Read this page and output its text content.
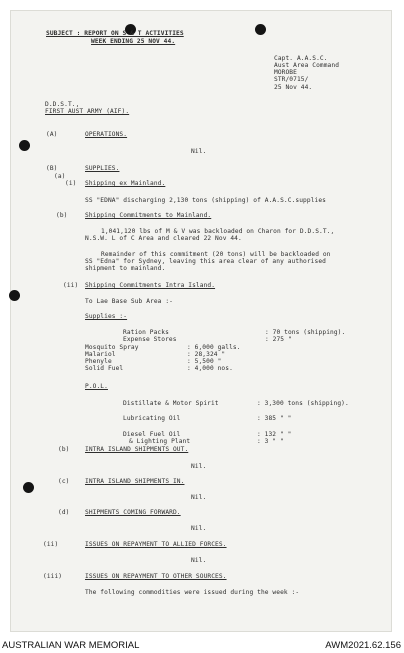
SUBJECT : REPORT ON S & T ACTIVITIES
WEEK ENDING 25 NOV 44.
Capt. A.A.S.C.
Aust Area Command
MOROBE
STR/0715/
25 Nov 44.
D.D.S.T.,
FIRST AUST ARMY (AIF).
(A)	OPERATIONS.
Nil.
(B)	SUPPLIES.
(a)
(i) Shipping ex Mainland.
SS "EDNA" discharging 2,130 tons (shipping) of A.A.S.C.supplies
(b)	Shipping Commitments to Mainland.
1,041,120 lbs of M & V was backloaded on Charon for D.D.S.T.,
N.S.W. L of C Area and cleared 22 Nov 44.
Remainder of this commitment (20 tons) will be backloaded on
SS "Edna" for Sydney, leaving this area clear of any authorised
shipment to mainland.
(ii) Shipping Commitments Intra Island.
To Lae Base Sub Area :-
Supplies :-
Ration Packs	: 70 tons (shipping).
Expense Stores	: 275 "
Mosquito Spray	: 6,000 galls.
Malariol	: 28,324 "
Phenyle	: 5,500 "
Solid Fuel	: 4,000 nos.
P.O.L.
Distillate & Motor Spirit	: 3,300 tons (shipping).
Lubricating Oil	: 385 " "
Diesel Fuel Oil	: 132 " "
& Lighting Plant	: 3 " "
(b)	INTRA ISLAND SHIPMENTS OUT.
Nil.
(c)	INTRA ISLAND SHIPMENTS IN.
Nil.
(d)	SHIPMENTS COMING FORWARD.
Nil.
(ii)	ISSUES ON REPAYMENT TO ALLIED FORCES.
Nil.
(iii)	ISSUES ON REPAYMENT TO OTHER SOURCES.
The following commodities were issued during the week :-
AUSTRALIAN WAR MEMORIAL	AWM2021.62.156
